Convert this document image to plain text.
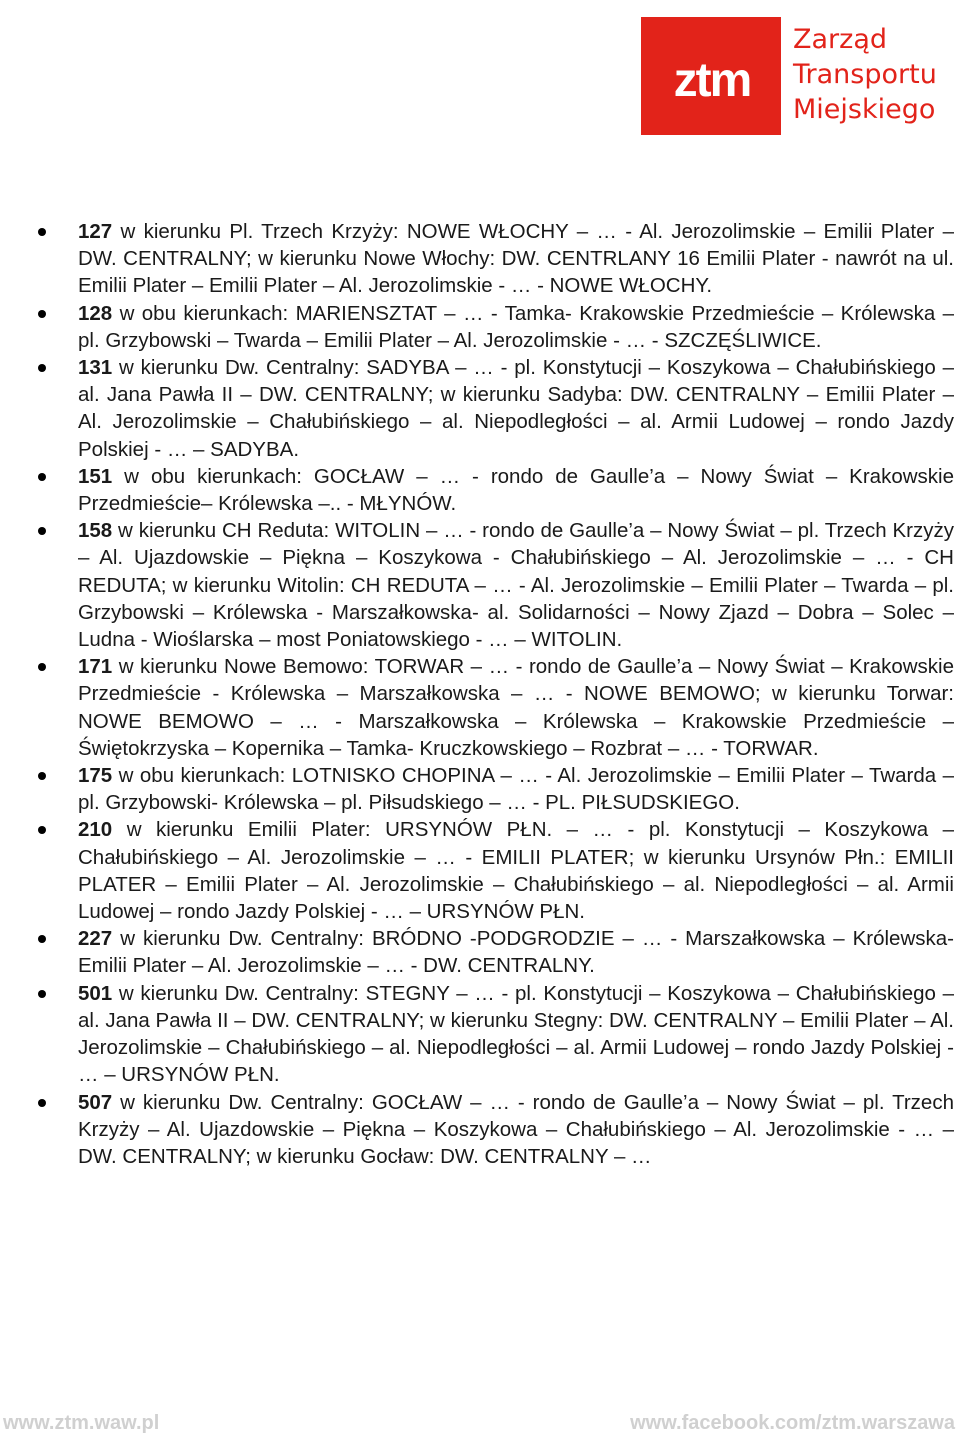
ztm
Zarząd
Transportu
Miejskiego
127 w kierunku Pl. Trzech Krzyży: NOWE WŁOCHY – … - Al. Jerozolimskie – Emilii Plater – DW. CENTRALNY; w kierunku Nowe Włochy: DW. CENTRLANY 16 Emilii Plater - nawrót na ul. Emilii Plater – Emilii Plater – Al. Jerozolimskie - … - NOWE WŁOCHY.
128 w obu kierunkach: MARIENSZTAT – … - Tamka- Krakowskie Przedmieście – Królewska – pl. Grzybowski – Twarda – Emilii Plater – Al. Jerozolimskie - … - SZCZĘŚLIWICE.
131 w kierunku Dw. Centralny: SADYBA – … - pl. Konstytucji – Koszykowa – Chałubińskiego – al. Jana Pawła II – DW. CENTRALNY; w kierunku Sadyba: DW. CENTRALNY – Emilii Plater – Al. Jerozolimskie – Chałubińskiego – al. Niepodległości – al. Armii Ludowej – rondo Jazdy Polskiej - … – SADYBA.
151 w obu kierunkach: GOCŁAW – … - rondo de Gaulle’a – Nowy Świat – Krakowskie Przedmieście– Królewska –.. - MŁYNÓW.
158 w kierunku CH Reduta: WITOLIN – … - rondo de Gaulle’a – Nowy Świat – pl. Trzech Krzyży – Al. Ujazdowskie – Piękna – Koszykowa - Chałubińskiego – Al. Jerozolimskie – … - CH REDUTA; w kierunku Witolin: CH REDUTA – … - Al. Jerozolimskie – Emilii Plater – Twarda – pl. Grzybowski – Królewska - Marszałkowska- al. Solidarności – Nowy Zjazd – Dobra – Solec – Ludna - Wioślarska – most Poniatowskiego - … – WITOLIN.
171 w kierunku Nowe Bemowo: TORWAR – … - rondo de Gaulle’a – Nowy Świat – Krakowskie Przedmieście - Królewska – Marszałkowska – … - NOWE BEMOWO; w kierunku Torwar: NOWE BEMOWO – … - Marszałkowska – Królewska – Krakowskie Przedmieście – Świętokrzyska – Kopernika – Tamka- Kruczkowskiego – Rozbrat – … - TORWAR.
175 w obu kierunkach: LOTNISKO CHOPINA – … - Al. Jerozolimskie – Emilii Plater – Twarda – pl. Grzybowski- Królewska – pl. Piłsudskiego – … - PL. PIŁSUDSKIEGO.
210 w kierunku Emilii Plater: URSYNÓW PŁN. – … - pl. Konstytucji – Koszykowa – Chałubińskiego – Al. Jerozolimskie – … - EMILII PLATER; w kierunku Ursynów Płn.: EMILII PLATER – Emilii Plater – Al. Jerozolimskie – Chałubińskiego – al. Niepodległości – al. Armii Ludowej – rondo Jazdy Polskiej - … – URSYNÓW PŁN.
227 w kierunku Dw. Centralny: BRÓDNO -PODGRODZIE – … - Marszałkowska – Królewska- Emilii Plater – Al. Jerozolimskie – … - DW. CENTRALNY.
501 w kierunku Dw. Centralny: STEGNY – … - pl. Konstytucji – Koszykowa – Chałubińskiego – al. Jana Pawła II – DW. CENTRALNY; w kierunku Stegny: DW. CENTRALNY – Emilii Plater – Al. Jerozolimskie – Chałubińskiego – al. Niepodległości – al. Armii Ludowej – rondo Jazdy Polskiej - … – URSYNÓW PŁN.
507 w kierunku Dw. Centralny: GOCŁAW – … - rondo de Gaulle’a – Nowy Świat – pl. Trzech Krzyży – Al. Ujazdowskie – Piękna – Koszykowa – Chałubińskiego – Al. Jerozolimskie - … – DW. CENTRALNY; w kierunku Gocław: DW. CENTRALNY – …
www.ztm.waw.pl	www.facebook.com/ztm.warszawa
